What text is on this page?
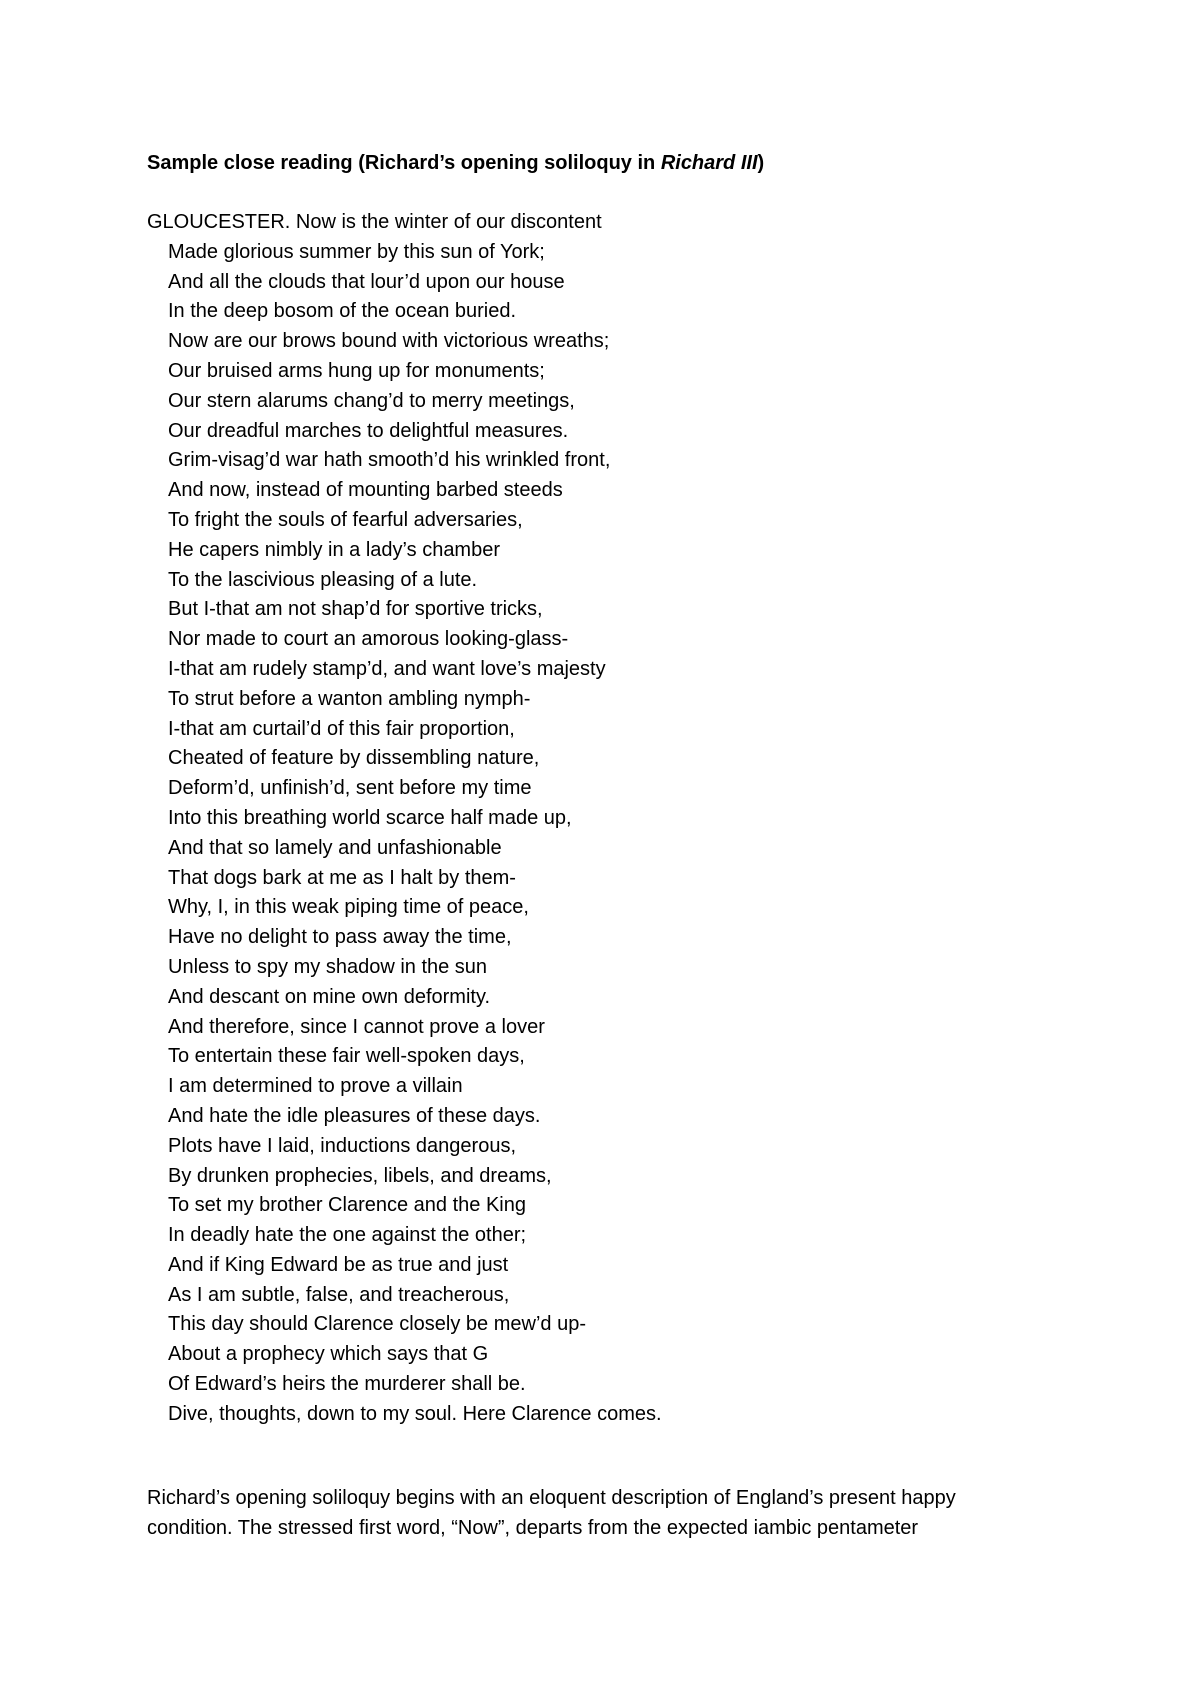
Sample close reading (Richard’s opening soliloquy in Richard III)
GLOUCESTER. Now is the winter of our discontent
Made glorious summer by this sun of York;
And all the clouds that lour’d upon our house
In the deep bosom of the ocean buried.
Now are our brows bound with victorious wreaths;
Our bruised arms hung up for monuments;
Our stern alarums chang’d to merry meetings,
Our dreadful marches to delightful measures.
Grim-visag’d war hath smooth’d his wrinkled front,
And now, instead of mounting barbed steeds
To fright the souls of fearful adversaries,
He capers nimbly in a lady’s chamber
To the lascivious pleasing of a lute.
But I-that am not shap’d for sportive tricks,
Nor made to court an amorous looking-glass-
I-that am rudely stamp’d, and want love’s majesty
To strut before a wanton ambling nymph-
I-that am curtail’d of this fair proportion,
Cheated of feature by dissembling nature,
Deform’d, unfinish’d, sent before my time
Into this breathing world scarce half made up,
And that so lamely and unfashionable
That dogs bark at me as I halt by them-
Why, I, in this weak piping time of peace,
Have no delight to pass away the time,
Unless to spy my shadow in the sun
And descant on mine own deformity.
And therefore, since I cannot prove a lover
To entertain these fair well-spoken days,
I am determined to prove a villain
And hate the idle pleasures of these days.
Plots have I laid, inductions dangerous,
By drunken prophecies, libels, and dreams,
To set my brother Clarence and the King
In deadly hate the one against the other;
And if King Edward be as true and just
As I am subtle, false, and treacherous,
This day should Clarence closely be mew’d up-
About a prophecy which says that G
Of Edward’s heirs the murderer shall be.
Dive, thoughts, down to my soul. Here Clarence comes.
Richard’s opening soliloquy begins with an eloquent description of England’s present happy
condition. The stressed first word, “Now”, departs from the expected iambic pentameter
